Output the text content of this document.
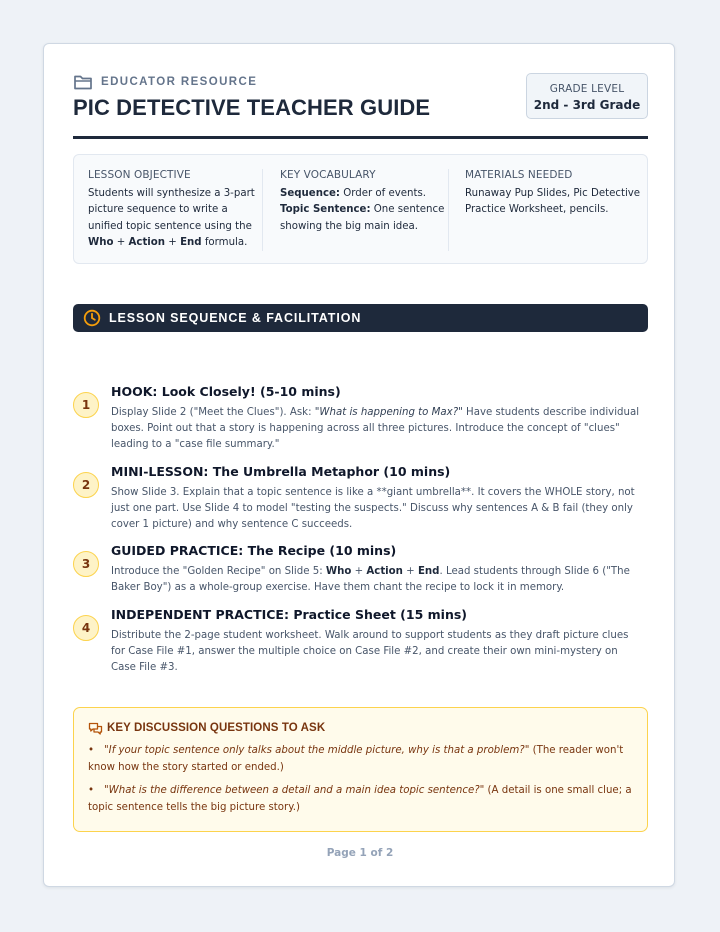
EDUCATOR RESOURCE
PIC DETECTIVE TEACHER GUIDE
GRADE LEVEL
2nd - 3rd Grade
LESSON OBJECTIVE

Students will synthesize a 3-part picture sequence to write a unified topic sentence using the Who + Action + End formula.

KEY VOCABULARY

Sequence: Order of events.

Topic Sentence: One sentence showing the big main idea.

MATERIALS NEEDED

Runaway Pup Slides, Pic Detective Practice Worksheet, pencils.

LESSON SEQUENCE & FACILITATION
1
HOOK: Look Closely! (5-10 mins)

Display Slide 2 ("Meet the Clues"). Ask: "What is happening to Max?" Have students describe individual boxes. Point out that a story is happening across all three pictures. Introduce the concept of "clues" leading to a "case file summary."

2
MINI-LESSON: The Umbrella Metaphor (10 mins)

Show Slide 3. Explain that a topic sentence is like a **giant umbrella**. It covers the WHOLE story, not just one part. Use Slide 4 to model "testing the suspects." Discuss why sentences A & B fail (they only cover 1 picture) and why sentence C succeeds.

3
GUIDED PRACTICE: The Recipe (10 mins)

Introduce the "Golden Recipe" on Slide 5: Who + Action + End. Lead students through Slide 6 ("The Baker Boy") as a whole-group exercise. Have them chant the recipe to lock it in memory.

4
INDEPENDENT PRACTICE: Practice Sheet (15 mins)

Distribute the 2-page student worksheet. Walk around to support students as they draft picture clues for Case File #1, answer the multiple choice on Case File #2, and create their own mini-mystery on Case File #3.

KEY DISCUSSION QUESTIONS TO ASK
• "If your topic sentence only talks about the middle picture, why is that a problem?" (The reader won't know how the story started or ended.)
• "What is the difference between a detail and a main idea topic sentence?" (A detail is one small clue; a topic sentence tells the big picture story.)
Page 1 of 2
